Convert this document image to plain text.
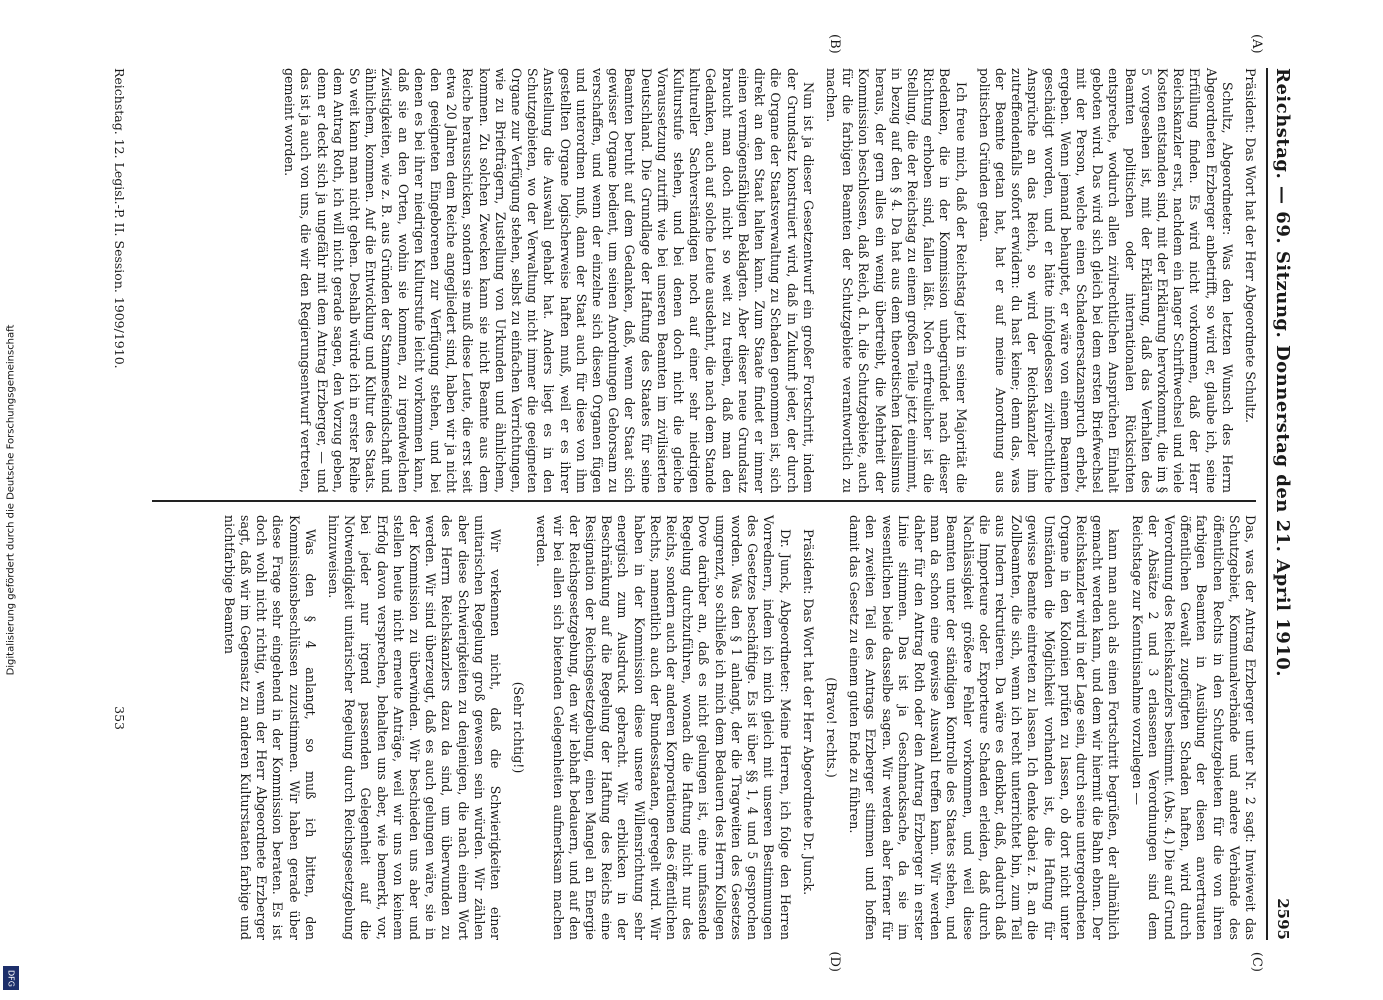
Digitalisierung gefördert durch die Deutsche Forschungsgemeinschaft
DFG
Reichstag. — 69. Sitzung. Donnerstag den 21. April 1910.
2595
(A)
(B)
(C)
(D)

Präsident: Das Wort hat der Herr Abgeordnete Schultz.

Schultz, Abgeordneter: Was den letzten Wunsch des Herrn Abgeordneten Erzberger anbetrifft, so wird er, glaube ich, seine Erfüllung finden. Es wird nicht vorkommen, daß der Herr Reichskanzler erst, nachdem ein langer Schriftwechsel und viele Kosten entstanden sind, mit der Erklärung hervorkommt, die im § 5 vorgesehen ist, mit der Erklärung, daß das Verhalten des Beamten politischen oder internationalen Rücksichten entspreche, wodurch allen zivilrechtlichen Ansprüchen Einhalt geboten wird. Das wird sich gleich bei dem ersten Briefwechsel mit der Person, welche einen Schadenersatzanspruch erhebt, ergeben. Wenn jemand behauptet, er wäre von einem Beamten geschädigt worden, und er hätte infolgedessen zivilrechtliche Ansprüche an das Reich, so wird der Reichskanzler ihm zutreffendenfalls sofort erwidern: du hast keine; denn das, was der Beamte getan hat, hat er auf meine Anordnung aus politischen Gründen getan.

Ich freue mich, daß der Reichstag jetzt in seiner Majorität die Bedenken, die in der Kommission unbegründet nach dieser Richtung erhoben sind, fallen läßt. Noch erfreulicher ist die Stellung, die der Reichstag zu einem großen Teile jetzt einnimmt, in bezug auf den § 4. Da hat aus dem theoretischen Idealismus heraus, der gern alles ein wenig übertreibt, die Mehrheit der Kommission beschlossen, daß Reich, d. h. die Schutzgebiete, auch für die farbigen Beamten der Schutzgebiete verantwortlich zu machen.

Nun ist ja dieser Gesetzentwurf ein großer Fortschritt, indem der Grundsatz konstruiert wird, daß in Zukunft jeder, der durch die Organe der Staatsverwaltung zu Schaden genommen ist, sich direkt an den Staat halten kann. Zum Staate findet er immer einen vermögensfähigen Beklagten. Aber dieser neue Grundsatz braucht man doch nicht so weit zu treiben, daß man den Gedanken, auch auf solche Leute ausdehnt, die nach dem Stande kultureller Sachverständigen noch auf einer sehr niedrigen Kulturstufe stehen, und bei denen doch nicht die gleiche Voraussetzung zutrifft wie bei unseren Beamten im zivilisierten Deutschland. Die Grundlage der Haftung des Staates für seine Beamten beruht auf dem Gedanken, daß, wenn der Staat sich gewisser Organe bedient, um seinen Anordnungen Gehorsam zu verschaffen, und wenn der einzelne sich diesen Organen fügen und unterordnen muß, dann der Staat auch für diese von ihm gestellten Organe logischerweise haften muß, weil er es ihrer Anstellung die Auswahl gehabt hat. Anders liegt es in den Schutzgebieten, wo der Verwaltung nicht immer die geeigneten Organe zur Verfügung stehen, selbst zu einfachen Verrichtungen, wie zu Briefträgern, Zustellung von Urkunden und ähnlichem, kommen. Zu solchen Zwecken kann sie nicht Beamte aus dem Reiche herausschicken, sondern sie muß diese Leute, die erst seit etwa 20 Jahren dem Reiche angegliedert sind, haben wir ja nicht den geeigneten Eingeborenen zur Verfügung stehen, und bei denen es bei ihrer niedrigen Kulturstufe leicht vorkommen kann, daß sie an den Orten, wohin sie kommen, zu irgendwelchen Zwistigkeiten, wie z. B. aus Gründen der Stammesfeindschaft und ähnlichem, kommen. Auf die Entwicklung und Kultur des Staats. So weit kann man nicht gehen. Deshalb würde ich in erster Reihe dem Antrag Roth, ich will nicht gerade sagen, den Vorzug geben, denn er deckt sich ja ungefähr mit dem Antrag Erzberger, — und das ist ja auch von uns, die wir den Regierungsentwurf vertreten, gemeint worden.

Das, was der Antrag Erzberger unter Nr. 2 sagt: Inwieweit das Schutzgebiet, Kommunalverbände und andere Verbände des öffentlichen Rechts in den Schutzgebieten für die von ihren farbigen Beamten in Ausübung der diesen anvertrauten öffentlichen Gewalt zugefügten Schaden haften, wird durch Verordnung des Reichskanzlers bestimmt. (Abs. 4.) Die auf Grund der Absätze 2 und 3 erlassenen Verordnungen sind dem Reichstage zur Kenntnisnahme vorzulegen —

kann man auch als einen Fortschritt begrüßen, der allmählich gemacht werden kann, und dem wir hiermit die Bahn ebnen. Der Reichskanzler wird in der Lage sein, durch seine untergeordneten Organe in den Kolonien prüfen zu lassen, ob dort nicht unter Umständen die Möglichkeit vorhanden ist, die Haftung für gewisse Beamte eintreten zu lassen. Ich denke dabei z. B. an die Zollbeamten, die sich, wenn ich recht unterrichtet bin, zum Teil aus Indern rekrutieren. Da wäre es denkbar, daß, dadurch daß die Importeure oder Exporteure Schaden erleiden, daß durch Nachlässigkeit größere Fehler vorkommen, und weil diese Beamten unter der ständigen Kontrolle des Staates stehen, und man da schon eine gewisse Auswahl treffen kann. Wir werden daher für den Antrag Roth oder den Antrag Erzberger in erster Linie stimmen. Das ist ja Geschmacksache, da sie im wesentlichen beide dasselbe sagen. Wir werden aber ferner für den zweiten Teil des Antrags Erzberger stimmen und hoffen damit das Gesetz zu einem guten Ende zu führen.

(Bravo! rechts.)

Präsident: Das Wort hat der Herr Abgeordnete Dr. Junck.

Dr. Junck, Abgeordneter: Meine Herren, ich folge den Herren Vorrednern, indem ich mich gleich mit unseren Bestimmungen des Gesetzes beschäftige. Es ist über §§ 1, 4 und 5 gesprochen worden. Was den § 1 anlangt, der die Tragweiten des Gesetzes umgrenzt, so schließe ich mich dem Bedauern des Herrn Kollegen Dove darüber an, daß es nicht gelungen ist, eine umfassende Regelung durchzuführen, wonach die Haftung nicht nur des Reichs, sondern auch der anderen Korporationen des öffentlichen Rechts, namentlich auch der Bundesstaaten, geregelt wird. Wir haben in der Kommission diese unsere Willensrichtung sehr energisch zum Ausdruck gebracht. Wir erblicken in der Beschränkung auf die Regelung der Haftung des Reichs eine Resignation der Reichsgesetzgebung, einen Mangel an Energie der Reichsgesetzgebung, den wir lebhaft bedauern, und auf den wir bei allen sich bietenden Gelegenheiten aufmerksam machen werden.

(Sehr richtig!)

Wir verkennen nicht, daß die Schwierigkeiten einer unitarischen Regelung groß gewesen sein würden. Wir zählen aber diese Schwierigkeiten zu denjenigen, die nach einem Wort des Herrn Reichskanzlers dazu da sind, um überwunden zu werden. Wir sind überzeugt, daß es auch gelungen wäre, sie in der Kommission zu überwinden. Wir beschieden uns aber und stellen heute nicht erneute Anträge, weil wir uns von keinem Erfolg davon versprechen, behalten uns aber, wie bemerkt, vor, bei jeder nur irgend passenden Gelegenheit auf die Notwendigkeit unitarischer Regelung durch Reichsgesetzgebung hinzuweisen.

Was den § 4 anlangt, so muß ich bitten, den Kommissionsbeschlüssen zuzustimmen. Wir haben gerade über diese Frage sehr eingehend in der Kommission beraten. Es ist doch wohl nicht richtig, wenn der Herr Abgeordnete Erzberger sagt, daß wir im Gegensatz zu anderen Kulturstaaten farbige und nichtfarbige Beamten

Reichstag. 12. Legisl.-P. II. Session. 1909/1910.
353
